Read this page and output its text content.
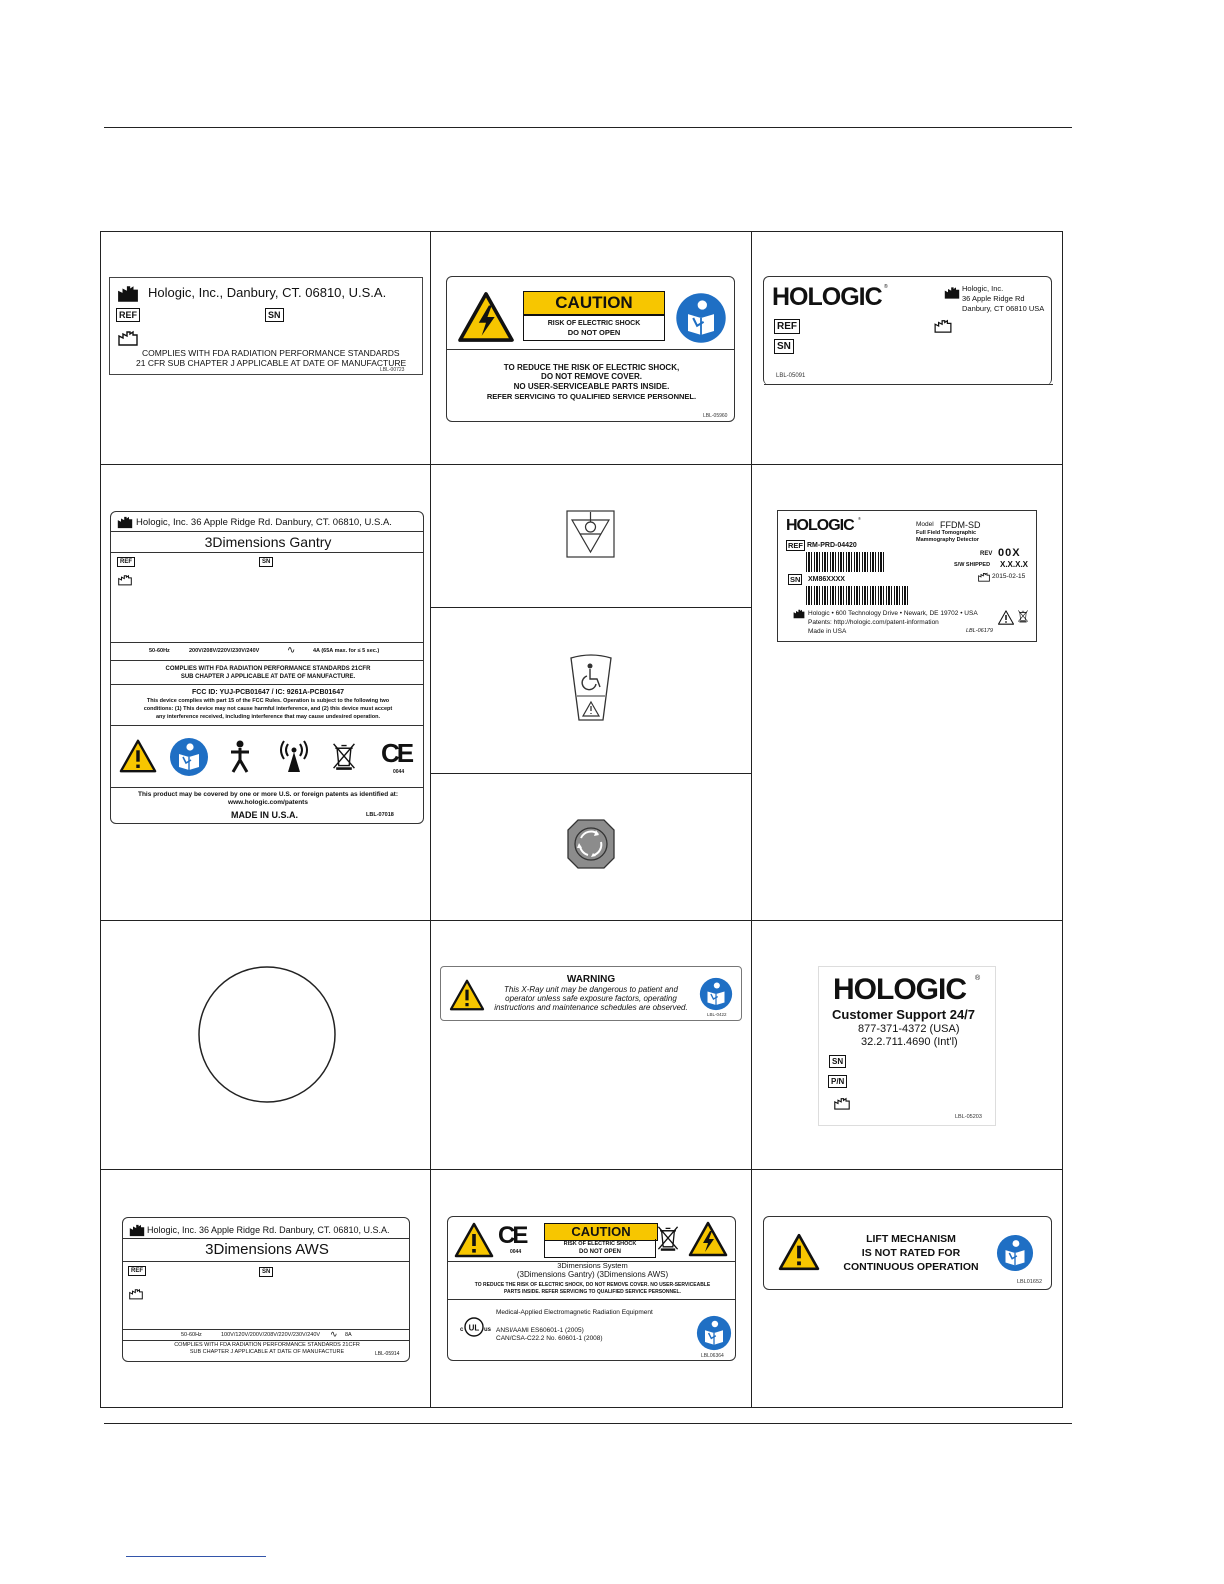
Hologic, Inc., Danbury, CT. 06810, U.S.A.
REF	SN
COMPLIES WITH FDA RADIATION PERFORMANCE STANDARDS
21 CFR SUB CHAPTER J APPLICABLE AT DATE OF MANUFACTURE
LBL-00723
CAUTION
RISK OF ELECTRIC SHOCK
DO NOT OPEN
TO REDUCE THE RISK OF ELECTRIC SHOCK,
DO NOT REMOVE COVER.
NO USER-SERVICEABLE PARTS INSIDE.
REFER SERVICING TO QUALIFIED SERVICE PERSONNEL.
LBL-05960
HOLOGIC ®	Hologic, Inc.
36 Apple Ridge Rd
Danbury, CT 06810 USA
REF
SN
LBL-05091
Hologic, Inc. 36 Apple Ridge Rd. Danbury, CT. 06810, U.S.A.
3Dimensions Gantry
REF	SN
50-60Hz	200V/208V/220V/230V/240V	∿	4A (65A max. for ≤ 5 sec.)
COMPLIES WITH FDA RADIATION PERFORMANCE STANDARDS 21CFR
SUB CHAPTER J APPLICABLE AT DATE OF MANUFACTURE.
FCC ID: YUJ-PCB01647 / IC: 9261A-PCB01647
This device complies with part 15 of the FCC Rules. Operation is subject to the following two
conditions: (1) This device may not cause harmful interference, and (2) this device must accept
any interference received, including interference that may cause undesired operation.
CE
0044
This product may be covered by one or more U.S. or foreign patents as identified at:
www.hologic.com/patents
MADE IN U.S.A.	LBL-07018
HOLOGIC ®
Model FFDM-SD
Full Field Tomographic
Mammography Detector
REF RM-PRD-04420
REV 00X
S/W SHIPPED X.X.X.X
SN XM86XXXX	2015-02-15
Hologic • 600 Technology Drive • Newark, DE 19702 • USA
Patents: http://hologic.com/patent-information
Made in USA	LBL-06179
WARNING
This X-Ray unit may be dangerous to patient and
operator unless safe exposure factors, operating
instructions and maintenance schedules are observed.
LBL-0422
HOLOGIC ®
Customer Support 24/7
877-371-4372 (USA)
32.2.711.4690 (Int'l)
SN
P/N
LBL-05203
Hologic, Inc. 36 Apple Ridge Rd. Danbury, CT. 06810, U.S.A.
3Dimensions AWS
REF	SN
50-60Hz	100V/120V/200V/208V/220V/230V/240V ∿ 8A
COMPLIES WITH FDA RADIATION PERFORMANCE STANDARDS 21CFR
SUB CHAPTER J APPLICABLE AT DATE OF MANUFACTURE	LBL-05914
CE
0044
CAUTION
RISK OF ELECTRIC SHOCK
DO NOT OPEN
3Dimensions System
(3Dimensions Gantry) (3Dimensions AWS)
TO REDUCE THE RISK OF ELECTRIC SHOCK, DO NOT REMOVE COVER. NO USER-SERVICEABLE
PARTS INSIDE. REFER SERVICING TO QUALIFIED SERVICE PERSONNEL.
Medical-Applied Electromagnetic Radiation Equipment
UL
c	us ANSI/AAMI ES60601-1 (2005)
CAN/CSA-C22.2 No. 60601-1 (2008)
LBL06364
LIFT MECHANISM
IS NOT RATED FOR
CONTINUOUS OPERATION
LBL01652
